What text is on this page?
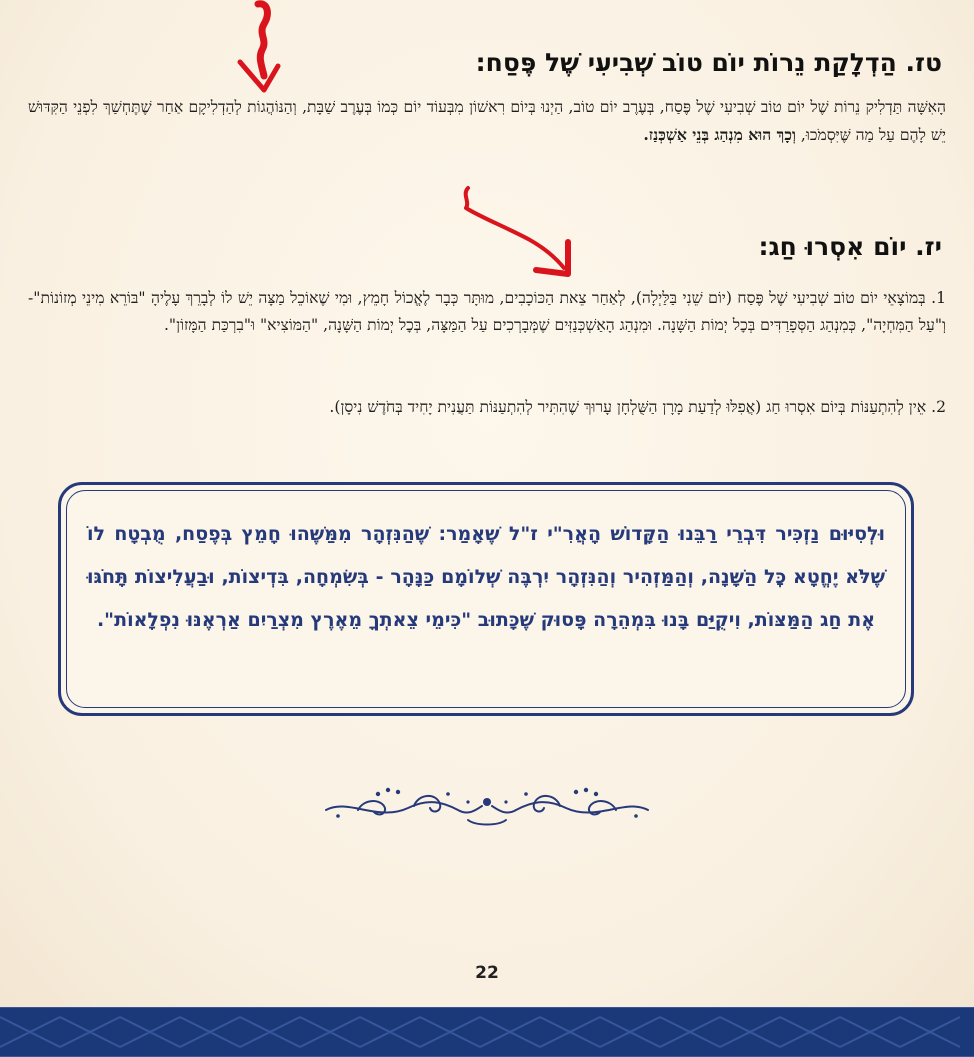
טז. הַדְלָקַת נֵרוֹת יוֹם טוֹב שְׁבִיעִי שֶׁל פֶּסַח:

הָאִשָּׁה תַּדְלִיק נֵרוֹת שֶׁל יוֹם טוֹב שְׁבִיעִי שֶׁל פֶּסַח, בְּעֶרֶב יוֹם טוֹב, הַיְנוּ בְּיוֹם רִאשׁוֹן מִבְּעוֹד יוֹם כְּמוֹ בְּעֶרֶב שַׁבָּת, וְהַנּוֹהֲגוֹת לְהַדְלִיקָם אַחַר שֶׁתֶּחְשַׁךְ לִפְנֵי הַקִּדּוּשׁ יֵשׁ לָהֶם עַל מַה שֶּׁיִּסְמֹכוּ, וְכָךְ הוּא מִנְהַג בְּנֵי אַשְׁכְּנַז.

יז. יוֹם אִסְרוּ חַג:

1. בְּמוֹצָאֵי יוֹם טוֹב שְׁבִיעִי שֶׁל פֶּסַח (יוֹם שֵׁנִי בַּלַּיְלָה), לְאַחַר צֵאת הַכּוֹכָבִים, מוּתָּר כְּבָר לֶאֱכוֹל חָמֵץ, וּמִי שֶׁאוֹכֵל מַצָּה יֵשׁ לוֹ לְבָרֵךְ עָלֶיהָ "בּוֹרֵא מִינֵי מְזוֹנוֹת"- וְ"עַל הַמִּחְיָה", כְּמִנְהַג הַסְּפָרַדִּים בְּכׇל יְמוֹת הַשָּׁנָה. וּמִנְהַג הָאַשְׁכְּנַזִּים שֶׁמְּבָרְכִים עַל הַמַּצָּה, בְּכׇל יְמוֹת הַשָּׁנָה, "הַמּוֹצִיא" וּ"בִרְכַּת הַמָּזוֹן".

2. אֵין לְהִתְעַנּוֹת בְּיוֹם אִסְרוּ חַג (אֲפִלּוּ לְדַעַת מָרָן הַשֻּׁלְחָן עָרוּךְ שֶׁהִתִּיר לְהִתְעַנּוֹת תַּעֲנִית יָחִיד בְּחֹדֶשׁ נִיסָן).

וּלְסִיּוּם נַזְכִּיר דִּבְרֵי רַבֵּנוּ הַקָּדוֹשׁ הָאֲרִ"י ז"ל שֶׁאָמַר: שֶׁהַנִּזְהָר מִמַּשֶּׁהוּ חָמֵץ בְּפֶסַח, מֻבְטָח לוֹ שֶׁלֹּא יֶחֱטָא כׇּל הַשָּׁנָה, וְהַמַּזְהִיר וְהַנִּזְהָר יִרְבֶּה שְׁלוֹמָם כַּנָּהָר - בְּשִׂמְחָה, בִּדְיצוֹת, וּבַעֲלִיצוֹת תָּחֹגּוּ אֶת חַג הַמַּצּוֹת, וִיקֻיַּם בָּנוּ בִּמְהֵרָה פָּסוּק שֶׁכָּתוּב "כִּימֵי צֵאתְךָ מֵאֶרֶץ מִצְרַיִם אַרְאֶנּוּ נִפְלָאוֹת".

22
